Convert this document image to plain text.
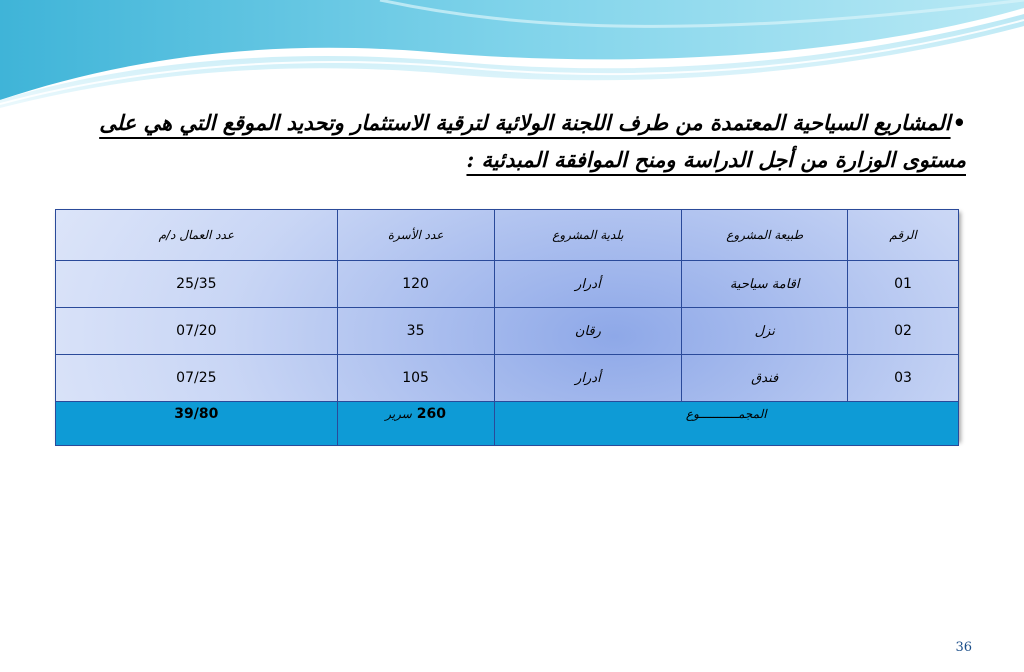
•المشاريع السياحية المعتمدة من طرف اللجنة الولائية لترقية الاستثمار وتحديد الموقع التي هي على
مستوى الوزارة من أجل الدراسة ومنح الموافقة المبدئية :
الرقم	طبيعة المشروع	بلدية المشروع	عدد الأسرة	عدد العمال د/م
01	اقامة سياحية	أدرار	120	25/35
02	نزل	رقان	35	07/20
03	فندق	أدرار	105	07/25
المجمـــــــــــوع			260 سرير	39/80
36
